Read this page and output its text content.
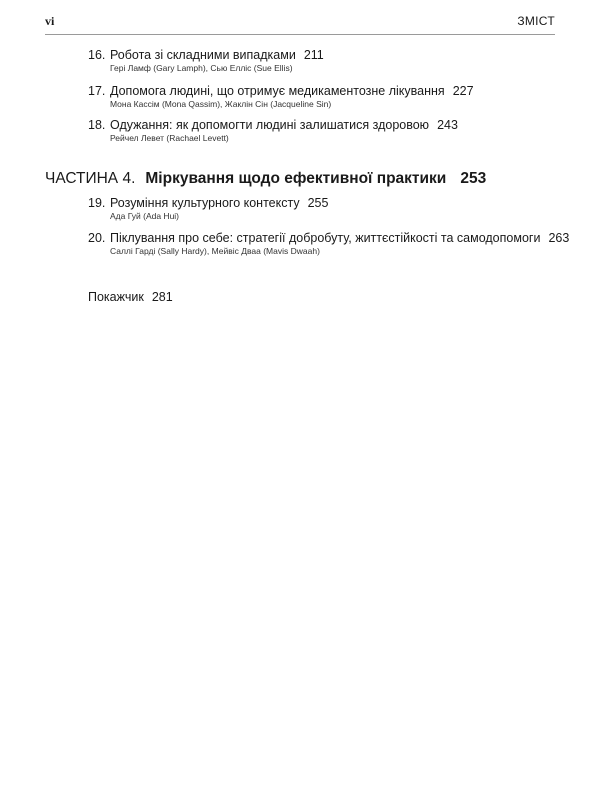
vi	ЗМІСТ
16. Робота зі складними випадками 211
Гері Ламф (Gary Lamph), Сью Елліс (Sue Ellis)
17. Допомога людині, що отримує медикаментозне лікування 227
Мона Кассім (Mona Qassim), Жаклін Сін (Jacqueline Sin)
18. Одужання: як допомогти людині залишатися здоровою 243
Рейчел Левет (Rachael Levett)
ЧАСТИНА 4. Міркування щодо ефективної практики 253
19. Розуміння культурного контексту 255
Ада Гуй (Ada Hui)
20. Піклування про себе: стратегії добробуту, життєстійкості та самодопомоги 263
Саллі Гарді (Sally Hardy), Мейвіс Дваа (Mavis Dwaah)
Покажчик 281
